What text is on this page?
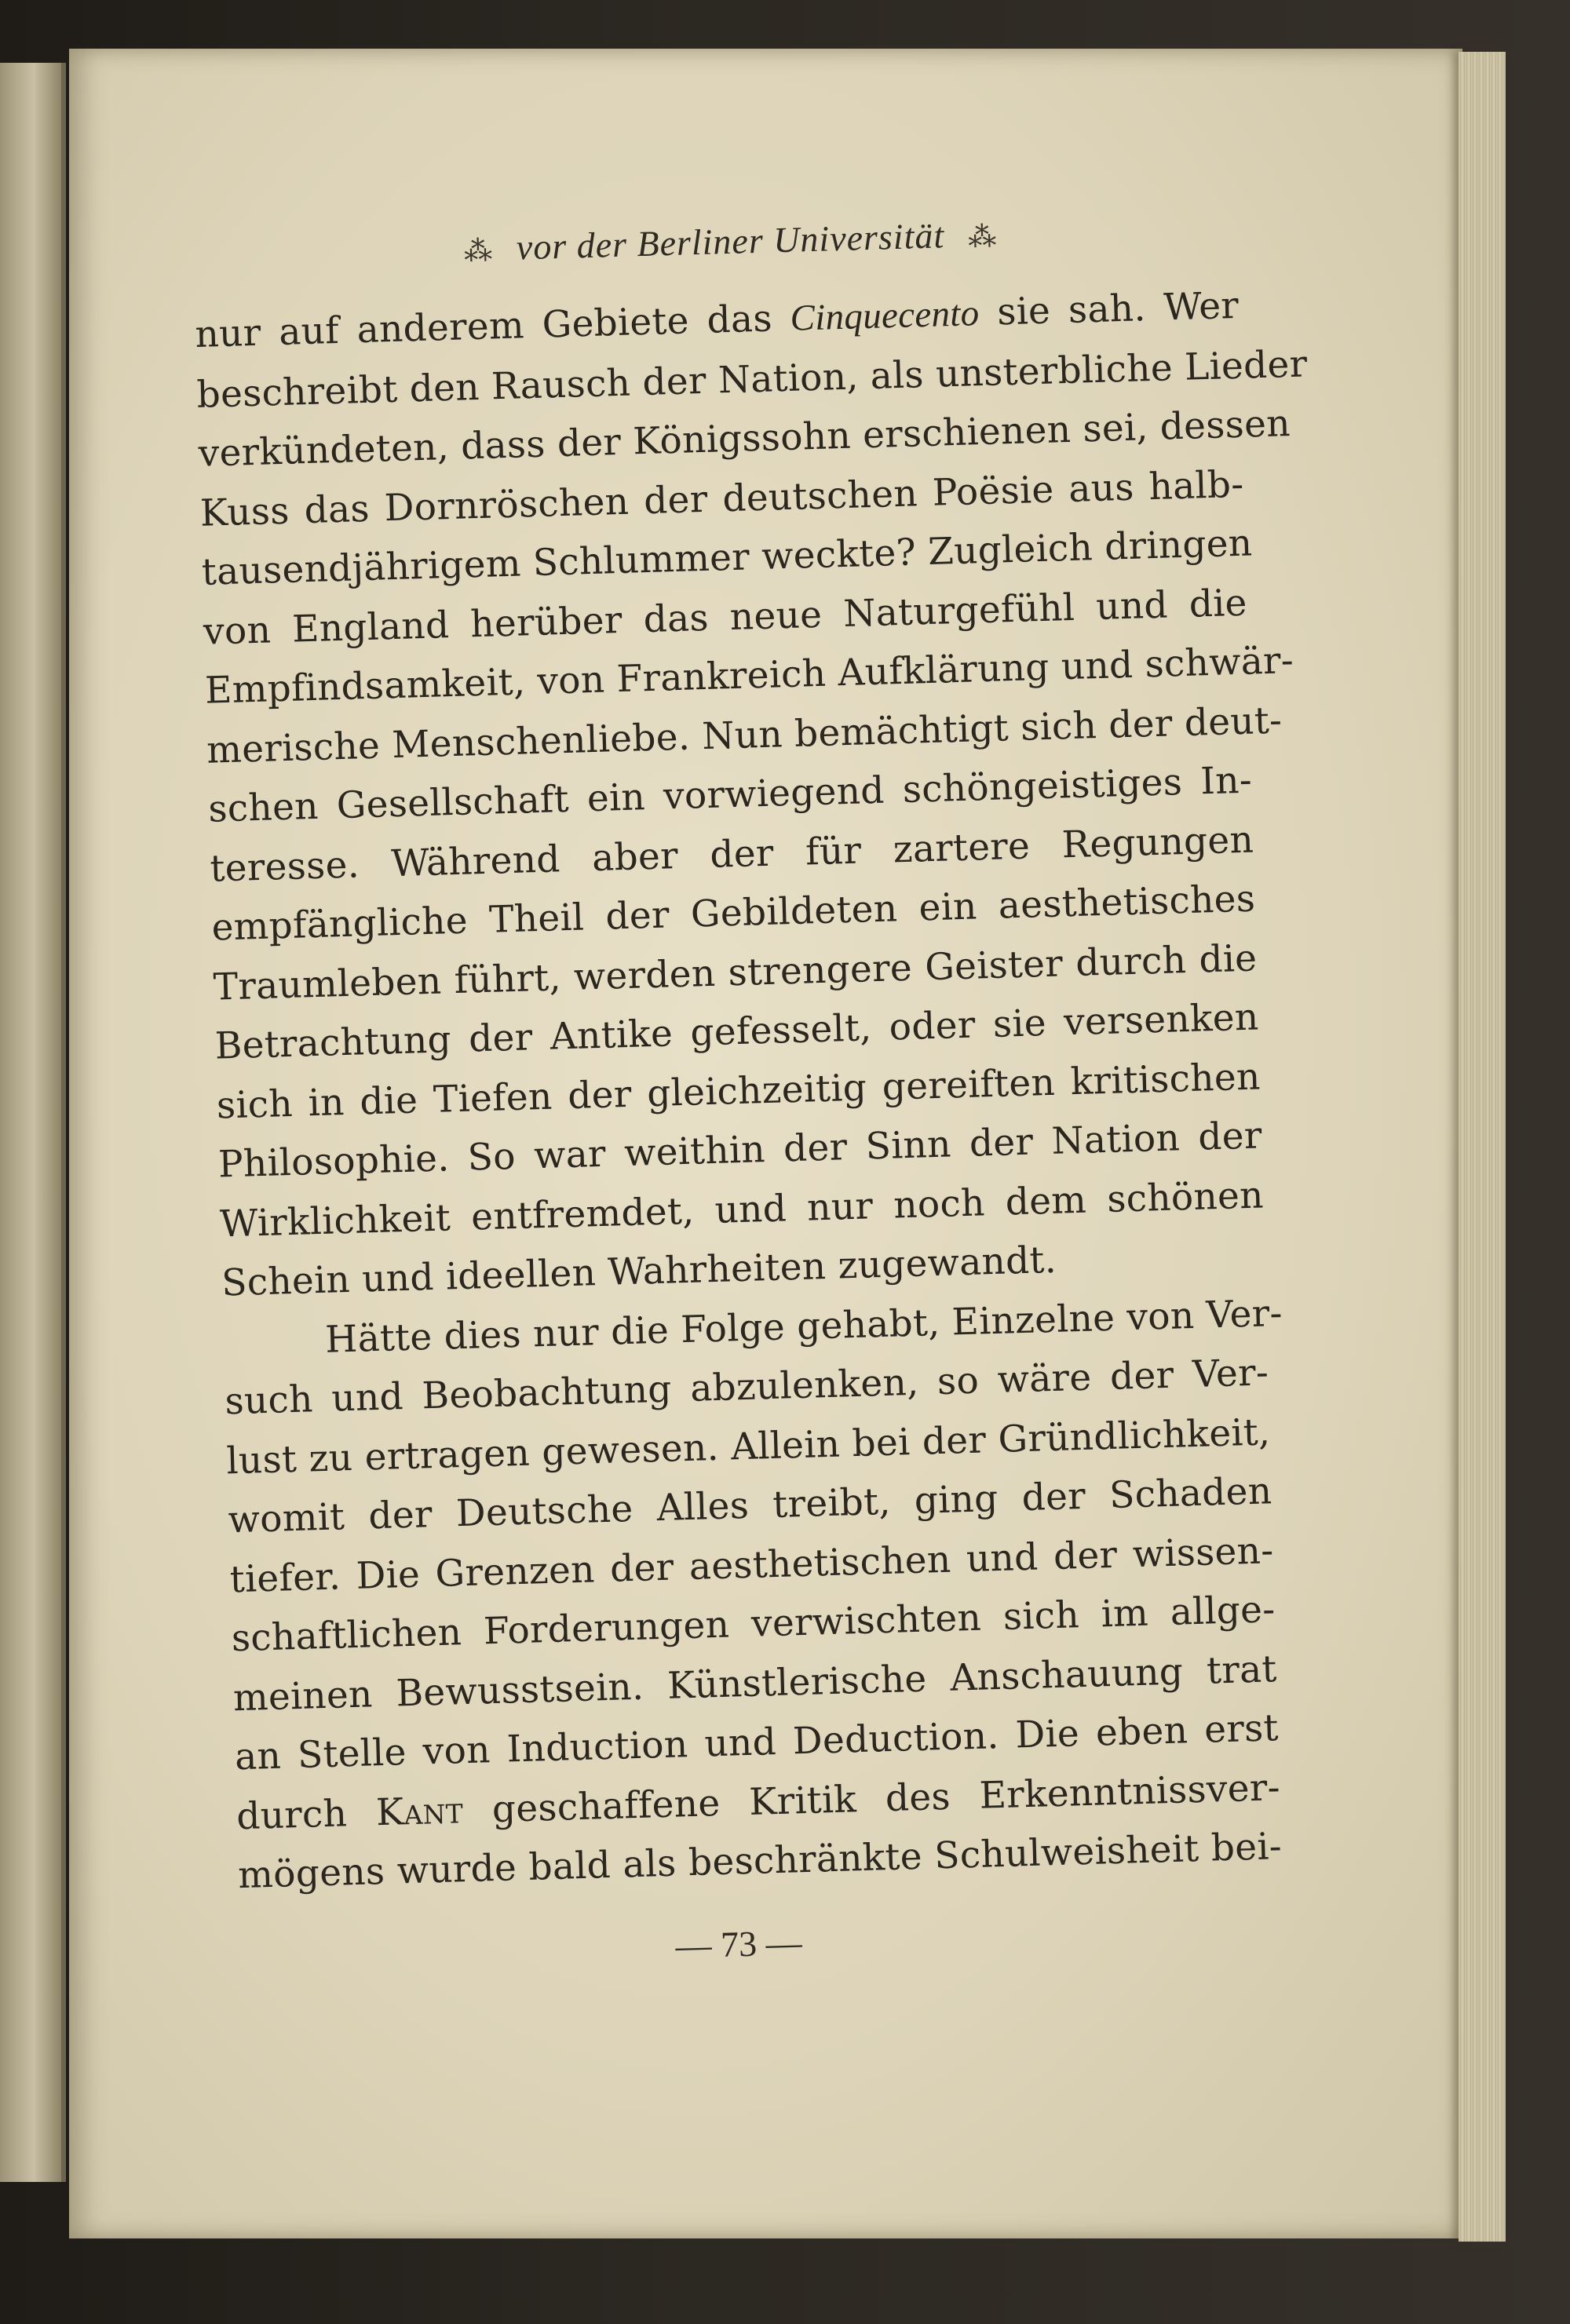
⁂ vor der Berliner Universität ⁂
nur auf anderem Gebiete das Cinquecento sie sah. Wer
beschreibt den Rausch der Nation, als unsterbliche Lieder
verkündeten, dass der Königssohn erschienen sei, dessen
Kuss das Dornröschen der deutschen Poësie aus halb-
tausendjährigem Schlummer weckte? Zugleich dringen
von England herüber das neue Naturgefühl und die
Empfindsamkeit, von Frankreich Aufklärung und schwär-
merische Menschenliebe. Nun bemächtigt sich der deut-
schen Gesellschaft ein vorwiegend schöngeistiges In-
teresse. Während aber der für zartere Regungen
empfängliche Theil der Gebildeten ein aesthetisches
Traumleben führt, werden strengere Geister durch die
Betrachtung der Antike gefesselt, oder sie versenken
sich in die Tiefen der gleichzeitig gereiften kritischen
Philosophie. So war weithin der Sinn der Nation der
Wirklichkeit entfremdet, und nur noch dem schönen
Schein und ideellen Wahrheiten zugewandt.
Hätte dies nur die Folge gehabt, Einzelne von Ver-
such und Beobachtung abzulenken, so wäre der Ver-
lust zu ertragen gewesen. Allein bei der Gründlichkeit,
womit der Deutsche Alles treibt, ging der Schaden
tiefer. Die Grenzen der aesthetischen und der wissen-
schaftlichen Forderungen verwischten sich im allge-
meinen Bewusstsein. Künstlerische Anschauung trat
an Stelle von Induction und Deduction. Die eben erst
durch Kant geschaffene Kritik des Erkenntnissver-
mögens wurde bald als beschränkte Schulweisheit bei-
— 73 —
